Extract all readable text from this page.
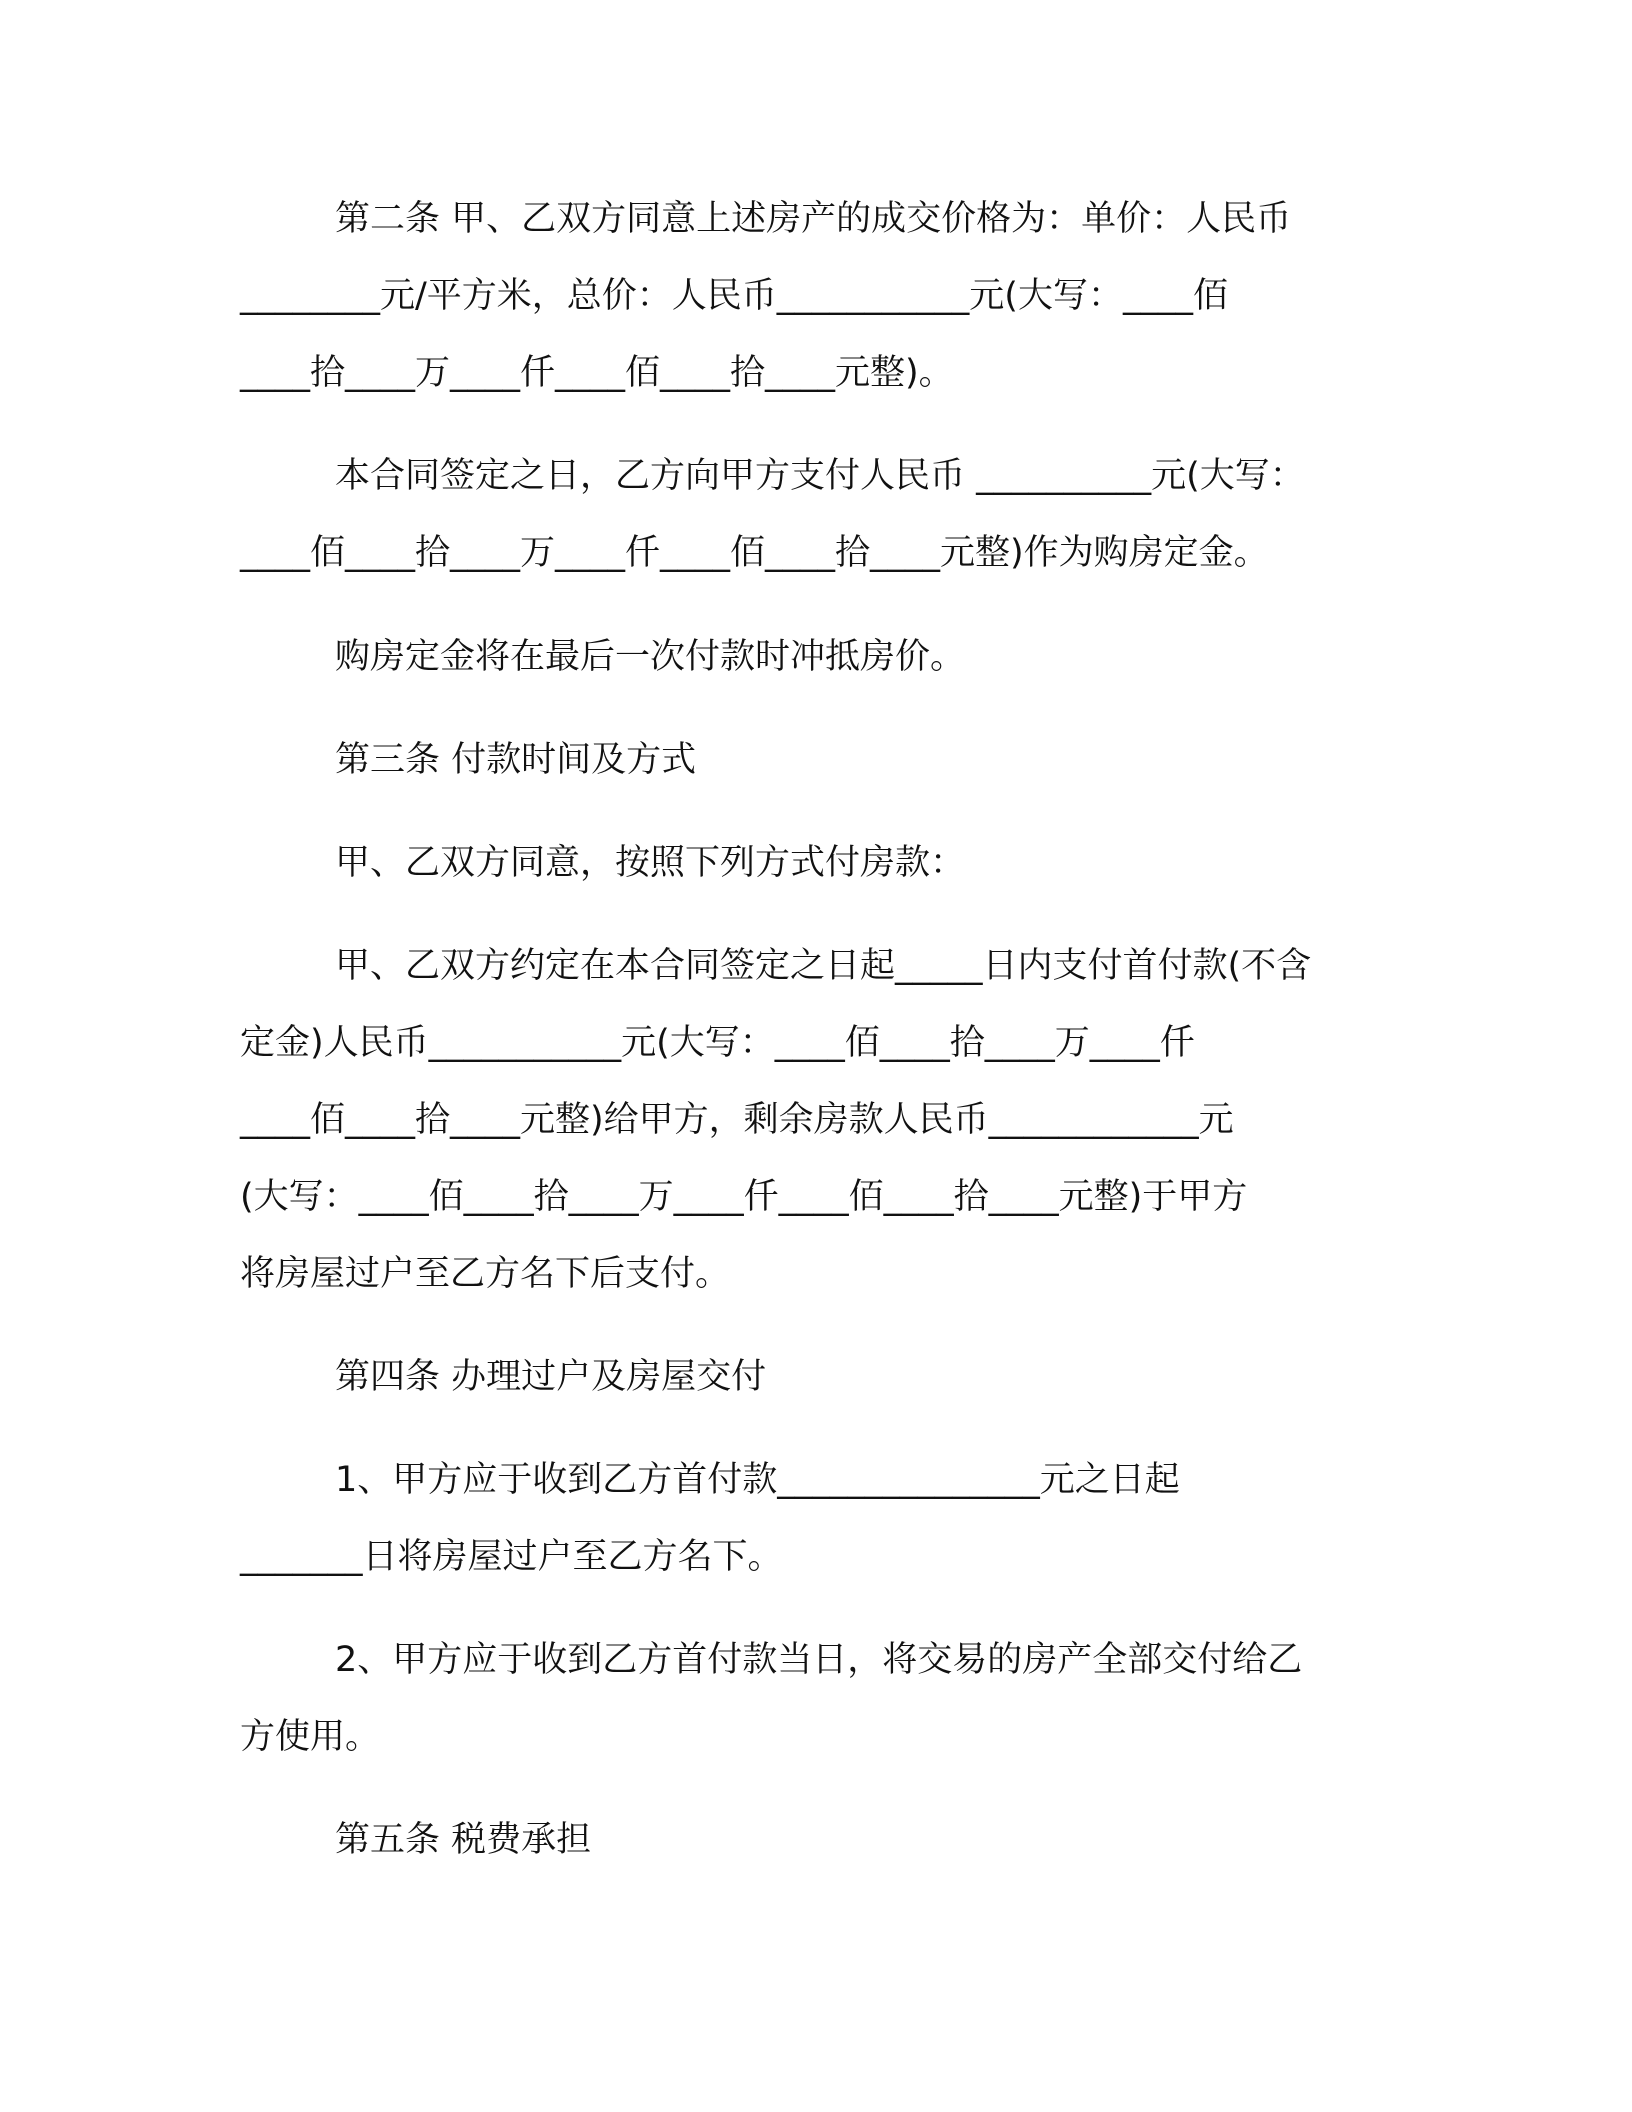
第二条 甲、乙双方同意上述房产的成交价格为：单价：人民币

________元/平方米，总价：人民币___________元(大写：____佰

____拾____万____仟____佰____拾____元整)。

本合同签定之日，乙方向甲方支付人民币 __________元(大写：

____佰____拾____万____仟____佰____拾____元整)作为购房定金。

购房定金将在最后一次付款时冲抵房价。

第三条 付款时间及方式

甲、乙双方同意，按照下列方式付房款：

甲、乙双方约定在本合同签定之日起_____日内支付首付款(不含

定金)人民币___________元(大写：____佰____拾____万____仟

____佰____拾____元整)给甲方，剩余房款人民币____________元

(大写：____佰____拾____万____仟____佰____拾____元整)于甲方

将房屋过户至乙方名下后支付。

第四条 办理过户及房屋交付

1、甲方应于收到乙方首付款_______________元之日起

_______日将房屋过户至乙方名下。

2、甲方应于收到乙方首付款当日，将交易的房产全部交付给乙

方使用。

第五条 税费承担
